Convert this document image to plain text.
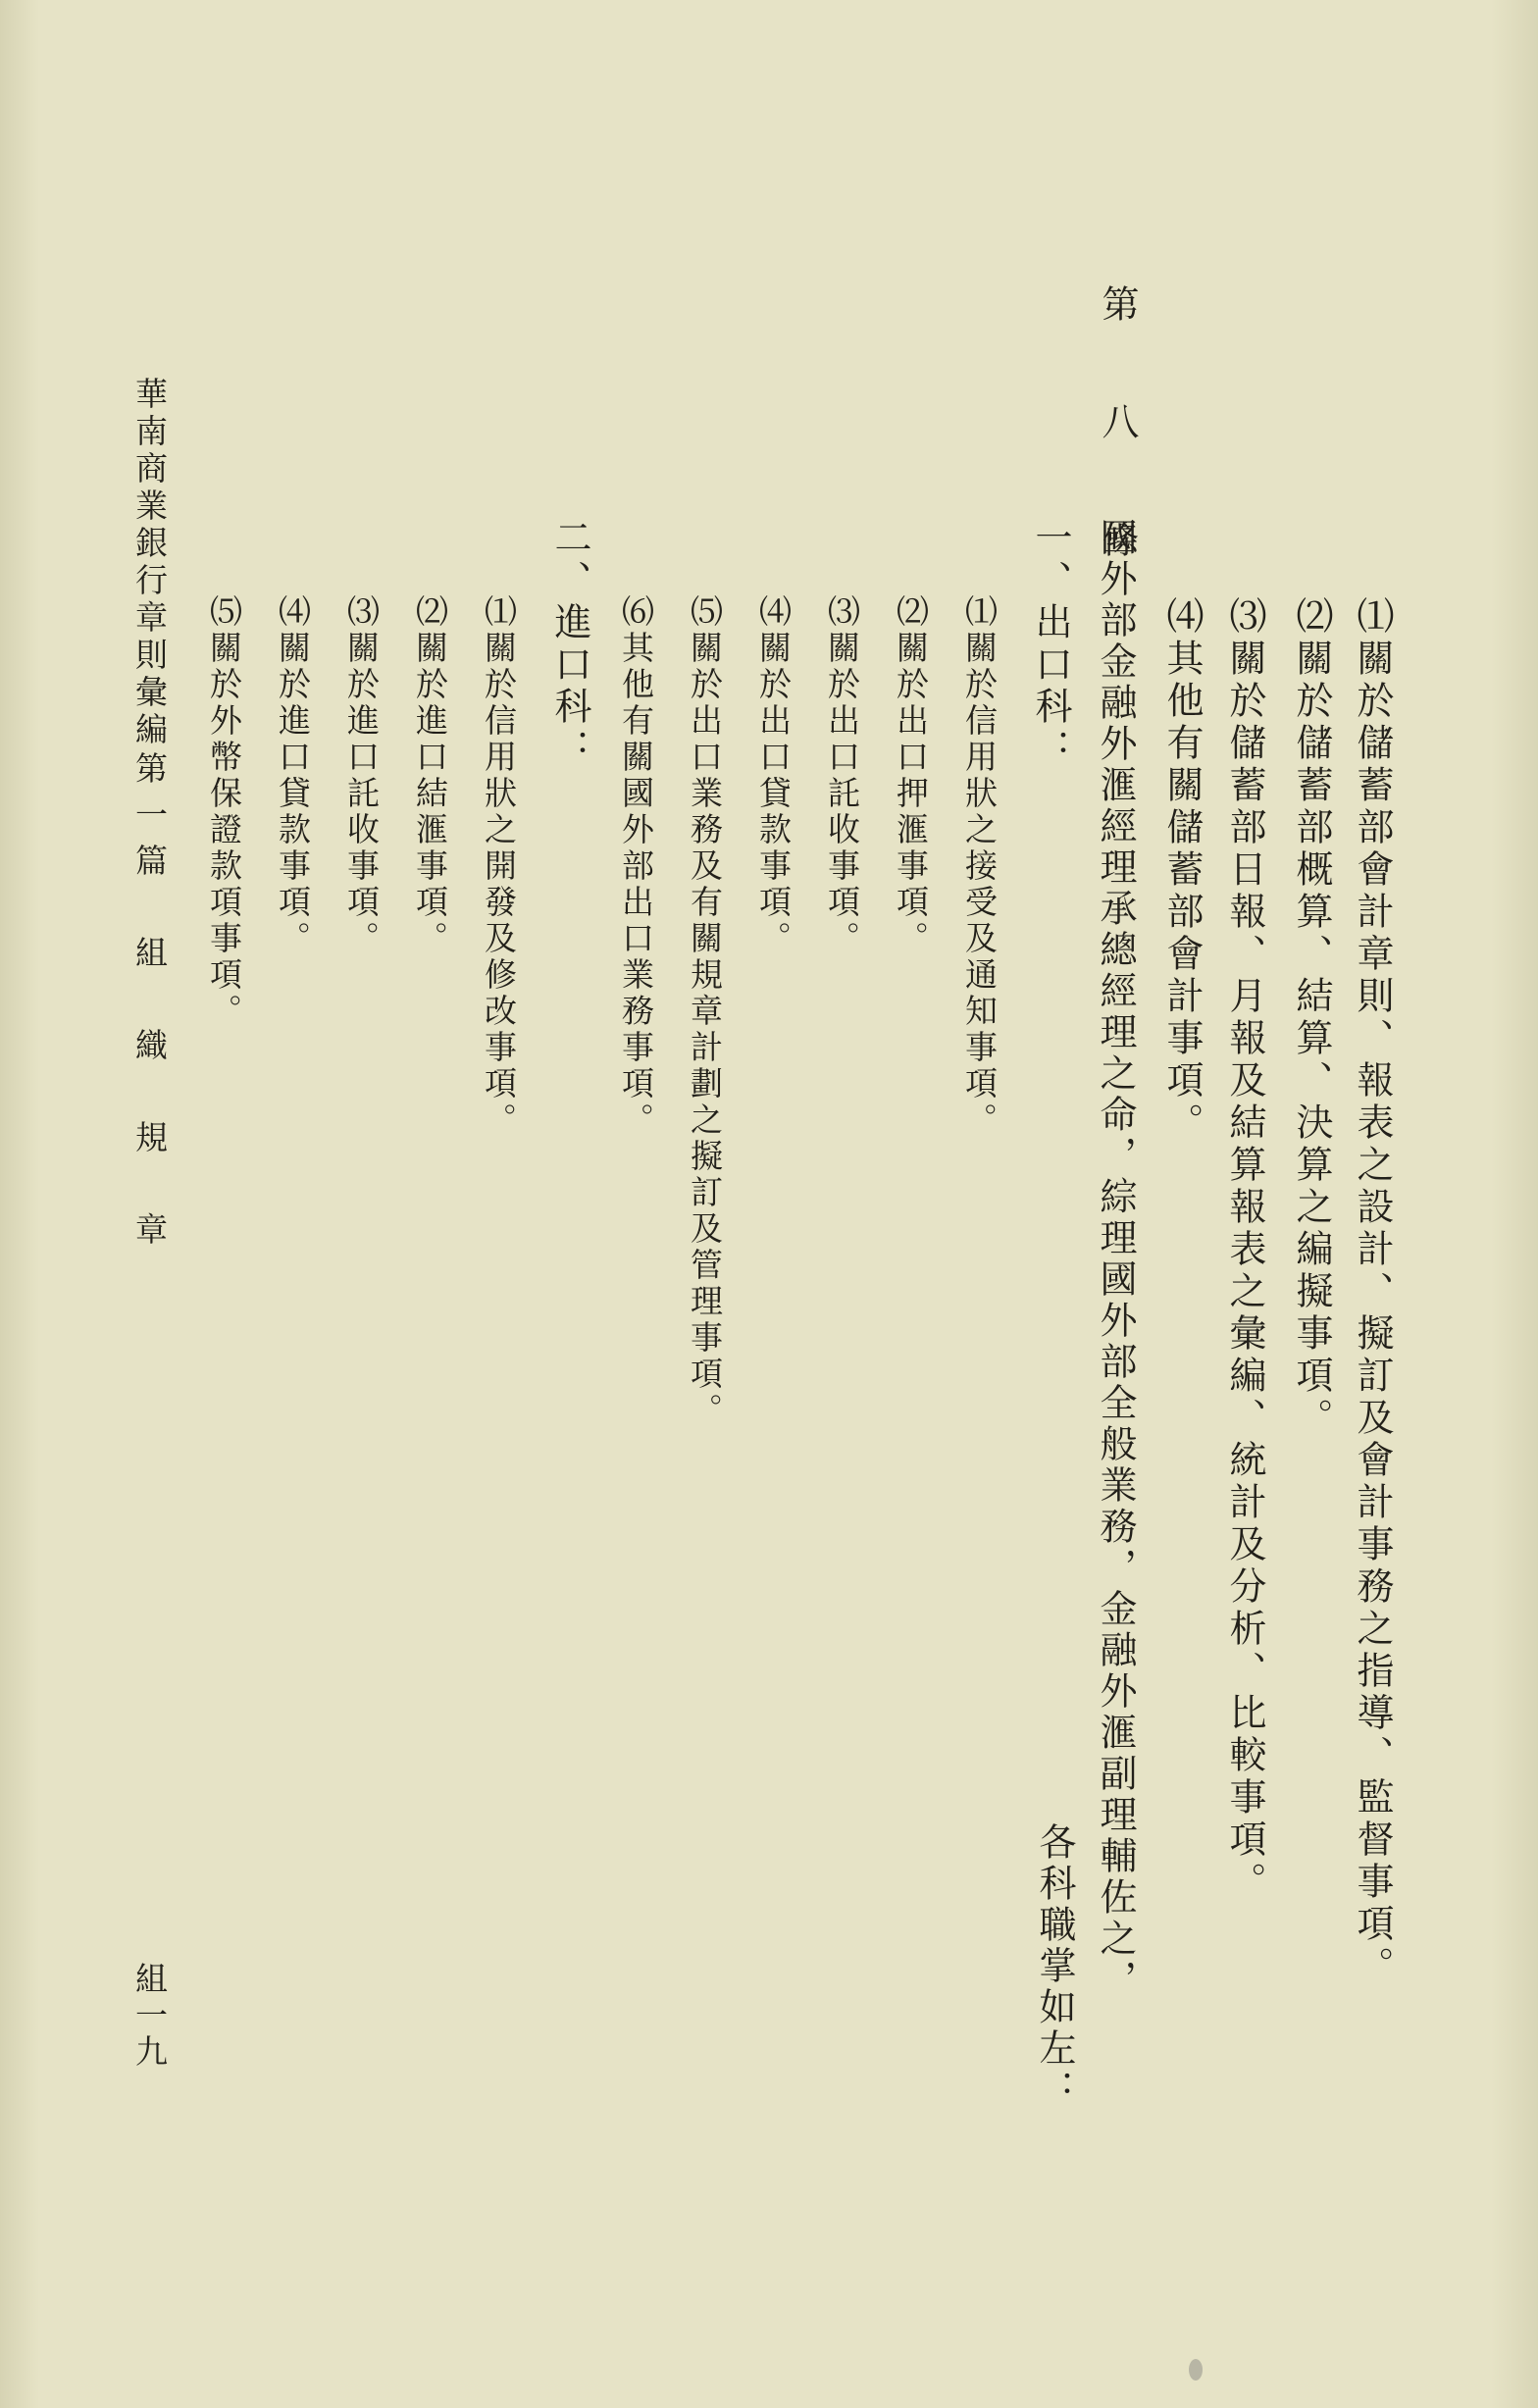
⑴關於儲蓄部會計章則、報表之設計、擬訂及會計事務之指導、監督事項。
⑵關於儲蓄部概算、結算、決算之編擬事項。
⑶關於儲蓄部日報、月報及結算報表之彙編、統計及分析、比較事項。
⑷其他有關儲蓄部會計事項。
第　八　條
國外部金融外滙經理承總經理之命，綜理國外部全般業務，金融外滙副理輔佐之，
各科職掌如左：
一、出口科：
⑴關於信用狀之接受及通知事項。
⑵關於出口押滙事項。
⑶關於出口託收事項。
⑷關於出口貸款事項。
⑸關於出口業務及有關規章計劃之擬訂及管理事項。
⑹其他有關國外部出口業務事項。
二、進口科：
⑴關於信用狀之開發及修改事項。
⑵關於進口結滙事項。
⑶關於進口託收事項。
⑷關於進口貸款事項。
⑸關於外幣保證款項事項。
華南商業銀行章則彙編
第一篇　組　織　規　章
組一九
